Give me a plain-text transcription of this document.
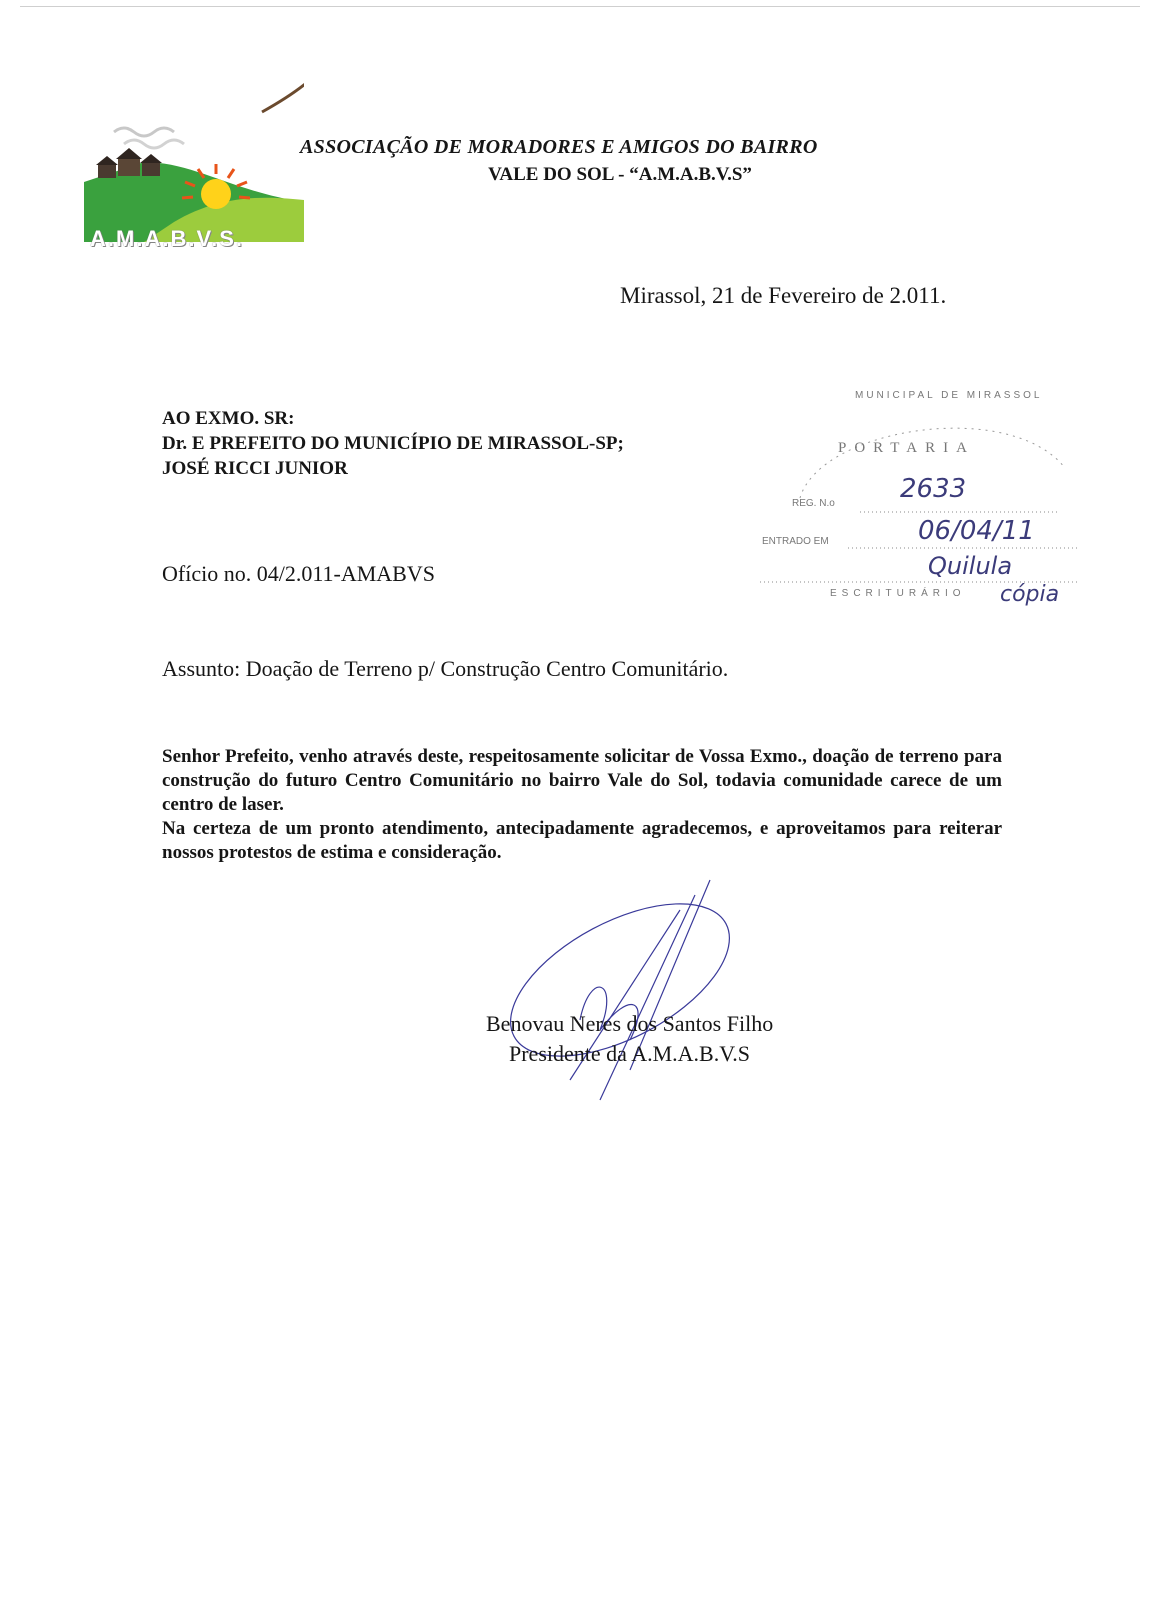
A.M.A.B.V.S.
ASSOCIAÇÃO DE MORADORES E AMIGOS DO BAIRRO
VALE DO SOL - “A.M.A.B.V.S”
Mirassol, 21 de Fevereiro de 2.011.
AO EXMO. SR:
Dr. E PREFEITO DO MUNICÍPIO DE MIRASSOL-SP;
JOSÉ RICCI JUNIOR
Ofício no. 04/2.011-AMABVS
Assunto: Doação de Terreno p/ Construção Centro Comunitário.

Senhor Prefeito, venho através deste, respeitosamente solicitar de Vossa Exmo., doação de terreno para construção do futuro Centro Comunitário no bairro Vale do Sol, todavia comunidade carece de um centro de laser.

Na certeza de um pronto atendimento, antecipadamente agradecemos, e aproveitamos para reiterar nossos protestos de estima e consideração.

MUNICIPAL DE MIRASSOL
PORTARIA
REG. N.o	2633
ENTRADO EM	06/04/11
Quilula
ESCRITURÁRIO cópia
Benovau Neres dos Santos Filho
Presidente da A.M.A.B.V.S
